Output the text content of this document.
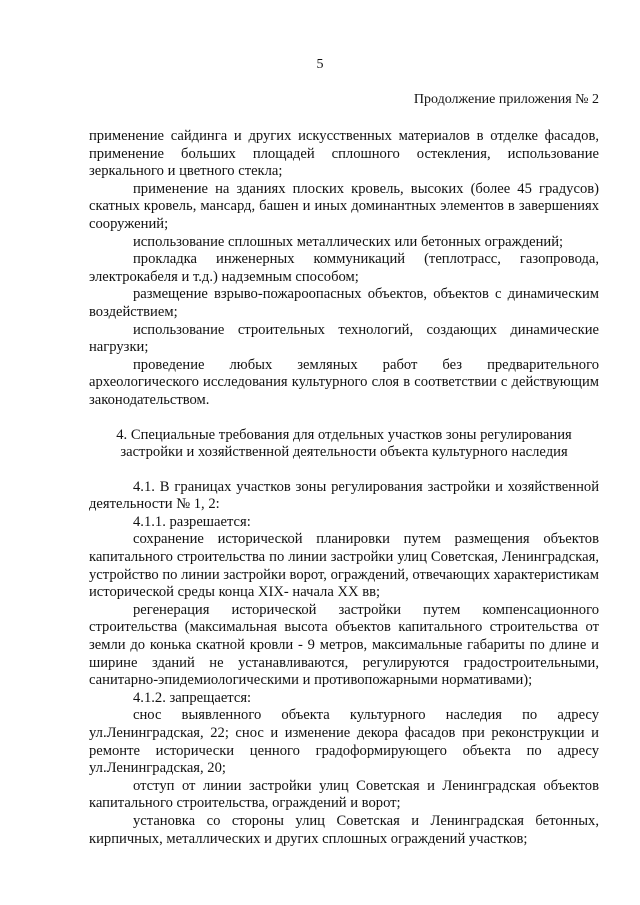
5
Продолжение приложения № 2

применение сайдинга и других искусственных материалов в отделке фасадов, применение больших площадей сплошного остекления, использование зеркального и цветного стекла;

применение на зданиях плоских кровель, высоких (более 45 градусов) скатных кровель, мансард, башен и иных доминантных элементов в завершениях сооружений;

использование сплошных металлических или бетонных ограждений;

прокладка инженерных коммуникаций (теплотрасс, газопровода, электрокабеля и т.д.) надземным способом;

размещение взрыво-пожароопасных объектов, объектов с динамическим воздействием;

использование строительных технологий, создающих динамические нагрузки;

проведение любых земляных работ без предварительного археологического исследования культурного слоя в соответствии с действующим законодательством.

4. Специальные требования для отдельных участков зоны регулирования застройки и хозяйственной деятельности объекта культурного наследия

4.1. В границах участков зоны регулирования застройки и хозяйственной деятельности № 1, 2:

4.1.1. разрешается:

сохранение исторической планировки путем размещения объектов капитального строительства по линии застройки улиц Советская, Ленинградская, устройство по линии застройки ворот, ограждений, отвечающих характеристикам исторической среды конца XIX- начала XX вв;

регенерация исторической застройки путем компенсационного строительства (максимальная высота объектов капитального строительства от земли до конька скатной кровли - 9 метров, максимальные габариты по длине и ширине зданий не устанавливаются, регулируются градостроительными, санитарно-эпидемиологическими и противопожарными нормативами);

4.1.2. запрещается:

снос выявленного объекта культурного наследия по адресу ул.Ленинградская, 22; снос и изменение декора фасадов при реконструкции и ремонте исторически ценного градоформирующего объекта по адресу ул.Ленинградская, 20;

отступ от линии застройки улиц Советская и Ленинградская объектов капитального строительства, ограждений и ворот;

установка со стороны улиц Советская и Ленинградская бетонных, кирпичных, металлических и других сплошных ограждений участков;
